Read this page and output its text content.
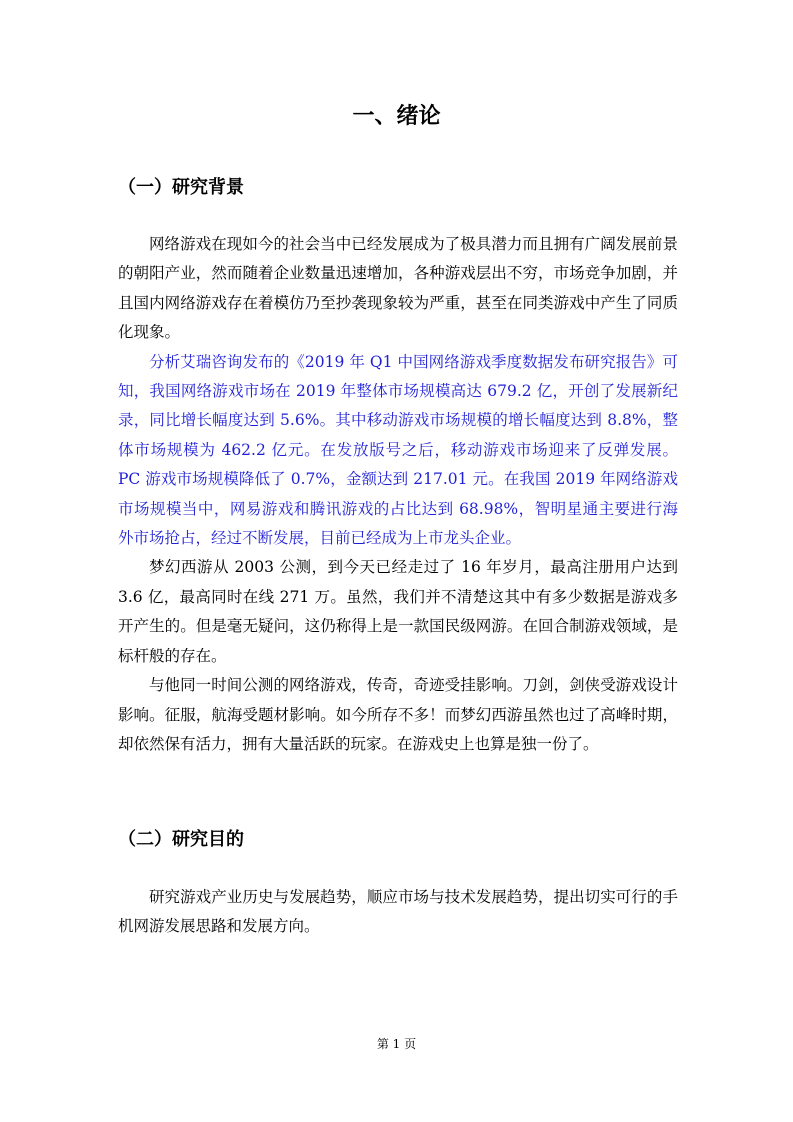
一、绪论
（一）研究背景

网络游戏在现如今的社会当中已经发展成为了极具潜力而且拥有广阔发展前景的朝阳产业，然而随着企业数量迅速增加，各种游戏层出不穷，市场竞争加剧，并且国内网络游戏存在着模仿乃至抄袭现象较为严重，甚至在同类游戏中产生了同质化现象。

分析艾瑞咨询发布的《2019 年 Q1 中国网络游戏季度数据发布研究报告》可知，我国网络游戏市场在 2019 年整体市场规模高达 679.2 亿，开创了发展新纪录，同比增长幅度达到 5.6%。其中移动游戏市场规模的增长幅度达到 8.8%，整体市场规模为 462.2 亿元。在发放版号之后，移动游戏市场迎来了反弹发展。 PC 游戏市场规模降低了 0.7%，金额达到 217.01 元。在我国 2019 年网络游戏市场规模当中，网易游戏和腾讯游戏的占比达到 68.98%，智明星通主要进行海外市场抢占，经过不断发展，目前已经成为上市龙头企业。

梦幻西游从 2003 公测，到今天已经走过了 16 年岁月，最高注册用户达到 3.6 亿，最高同时在线 271 万。虽然，我们并不清楚这其中有多少数据是游戏多开产生的。但是毫无疑问，这仍称得上是一款国民级网游。在回合制游戏领域，是标杆般的存在。

与他同一时间公测的网络游戏，传奇，奇迹受挂影响。刀剑，剑侠受游戏设计影响。征服，航海受题材影响。如今所存不多！而梦幻西游虽然也过了高峰时期，却依然保有活力，拥有大量活跃的玩家。在游戏史上也算是独一份了。

（二）研究目的

研究游戏产业历史与发展趋势，顺应市场与技术发展趋势，提出切实可行的手机网游发展思路和发展方向。

第 1 页
